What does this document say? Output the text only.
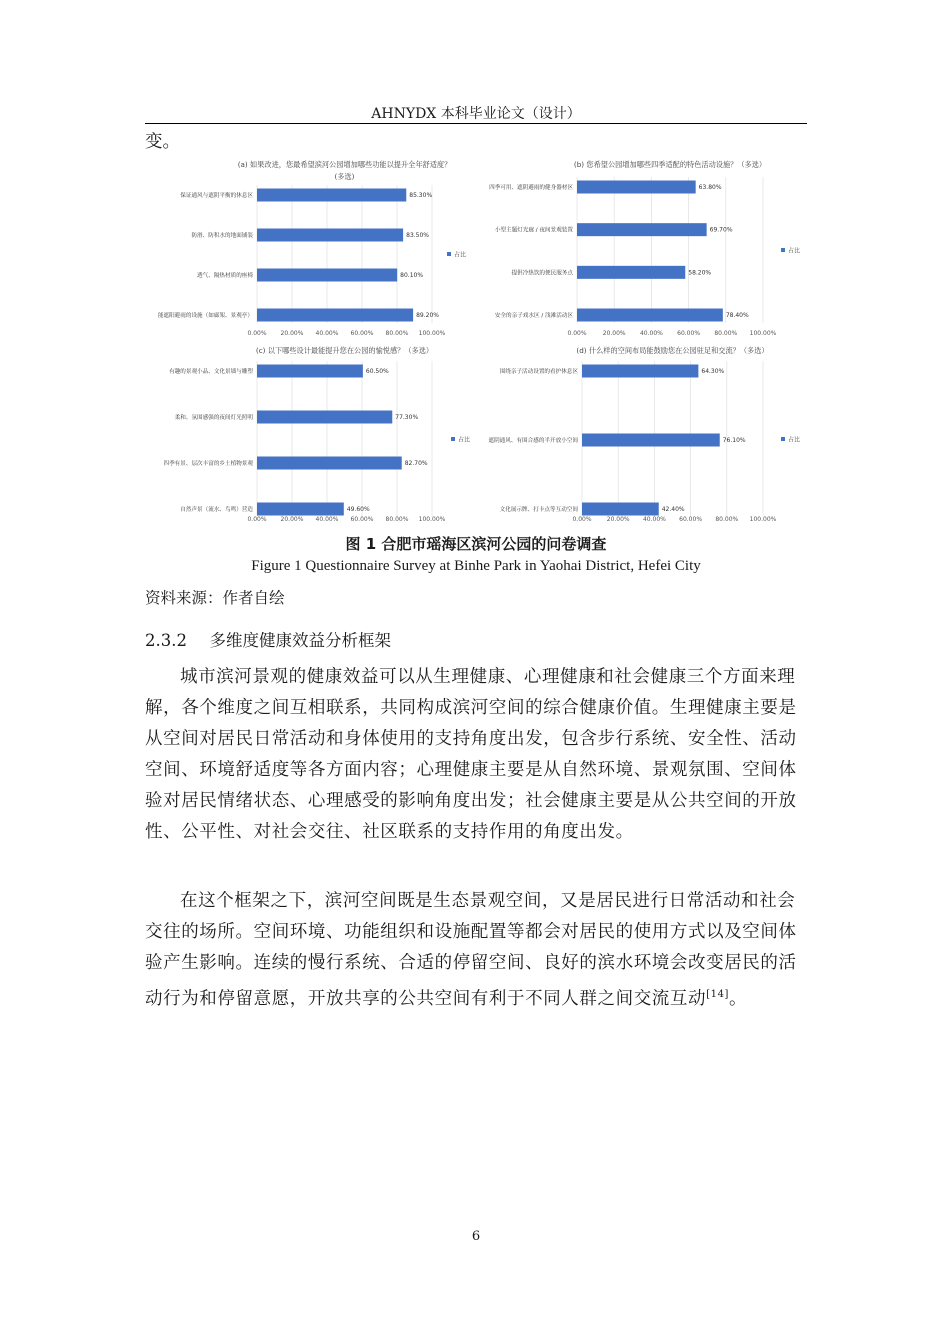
AHNYDX 本科毕业论文（设计）
变。
(a) 如果改进，您最希望滨河公园增加哪些功能以提升全年舒适度？
(多选)
0.00% 20.00% 40.00% 60.00% 80.00% 100.00%
保证通风与遮阴平衡的休息区	85.30%
防滑、防积水的地面铺装	83.50%
透气、隔热材质的座椅	80.10%
能遮阳避雨的设施（如廊架、景观亭）	89.20%
占比
(b) 您希望公园增加哪些四季适配的特色活动设施？（多选）
0.00%	20.00% 40.00% 60.00% 80.00% 100.00%
四季可用、遮阴避雨的健身器材区	63.80%
小型主题灯光廊 / 夜间景观装置	69.70%
提供冷热饮的便民服务点	58.20%
安全的亲子戏水区 / 浅滩活动区	78.40%
占比
(c) 以下哪些设计最能提升您在公园的愉悦感？（多选）
0.00% 20.00% 40.00% 60.00% 80.00% 100.00%
有趣的景观小品、文化景墙与雕塑	60.50%
柔和、氛围感强的夜间灯光照明	77.30%
四季有景、层次丰富的乡土植物景观	82.70%
自然声景（流水、鸟鸣）营造	49.60%
占比
(d) 什么样的空间布局能鼓励您在公园驻足和交流？（多选）
0.00%	20.00% 40.00% 60.00% 80.00% 100.00%
围绕亲子活动设置的看护休息区	64.30%
遮阴通风、有围合感的半开放小空间	76.10%
文化展示牌、打卡点等互动空间	42.40%
占比
图 1 合肥市瑶海区滨河公园的问卷调查
Figure 1 Questionnaire Survey at Binhe Park in Yaohai District, Hefei City
资料来源：作者自绘
2.3.2 多维度健康效益分析框架
城市滨河景观的健康效益可以从生理健康、心理健康和社会健康三个方面来理解，各个维度之间互相联系，共同构成滨河空间的综合健康价值。生理健康主要是从空间对居民日常活动和身体使用的支持角度出发，包含步行系统、安全性、活动空间、环境舒适度等各方面内容；心理健康主要是从自然环境、景观氛围、空间体验对居民情绪状态、心理感受的影响角度出发；社会健康主要是从公共空间的开放性、公平性、对社会交往、社区联系的支持作用的角度出发。
在这个框架之下，滨河空间既是生态景观空间，又是居民进行日常活动和社会交往的场所。空间环境、功能组织和设施配置等都会对居民的使用方式以及空间体验产生影响。连续的慢行系统、合适的停留空间、良好的滨水环境会改变居民的活动行为和停留意愿，开放共享的公共空间有利于不同人群之间交流互动[14]。
6
